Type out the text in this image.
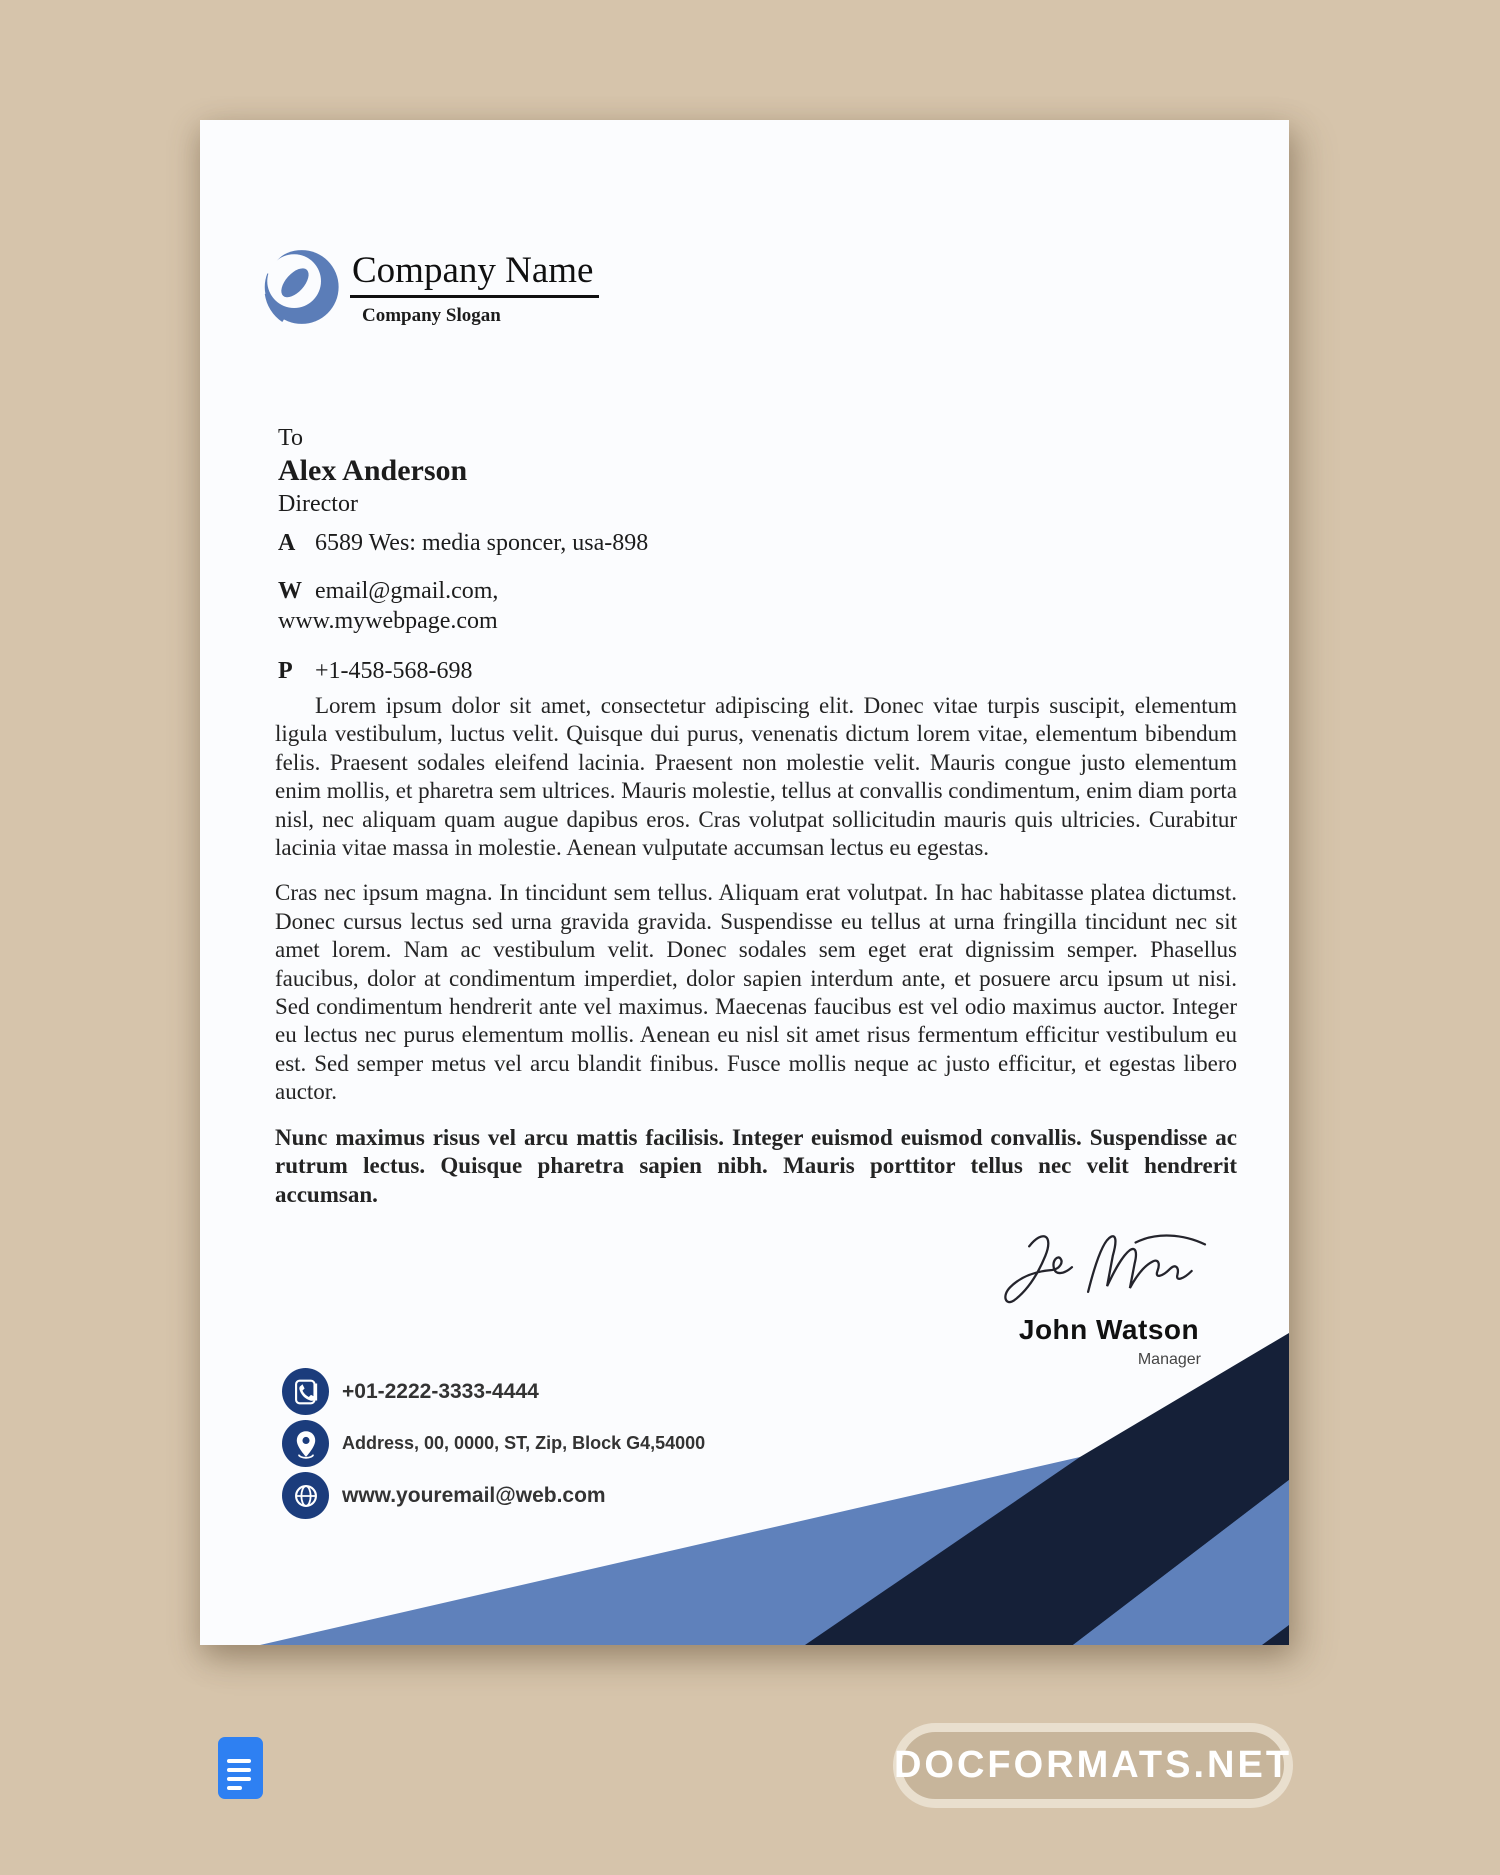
Company Name
Company Slogan
To
Alex Anderson
Director
A 6589 Wes: media sponcer, usa-898
W email@gmail.com,
www.mywebpage.com
P +1-458-568-698

Lorem ipsum dolor sit amet, consectetur adipiscing elit. Donec vitae turpis suscipit, elementum ligula vestibulum, luctus velit. Quisque dui purus, venenatis dictum lorem vitae, elementum bibendum felis. Praesent sodales eleifend lacinia. Praesent non molestie velit. Mauris congue justo elementum enim mollis, et pharetra sem ultrices. Mauris molestie, tellus at convallis condimentum, enim diam porta nisl, nec aliquam quam augue dapibus eros. Cras volutpat sollicitudin mauris quis ultricies. Curabitur lacinia vitae massa in molestie. Aenean vulputate accumsan lectus eu egestas.

Cras nec ipsum magna. In tincidunt sem tellus. Aliquam erat volutpat. In hac habitasse platea dictumst. Donec cursus lectus sed urna gravida gravida. Suspendisse eu tellus at urna fringilla tincidunt nec sit amet lorem. Nam ac vestibulum velit. Donec sodales sem eget erat dignissim semper. Phasellus faucibus, dolor at condimentum imperdiet, dolor sapien interdum ante, et posuere arcu ipsum ut nisi. Sed condimentum hendrerit ante vel maximus. Maecenas faucibus est vel odio maximus auctor. Integer eu lectus nec purus elementum mollis. Aenean eu nisl sit amet risus fermentum efficitur vestibulum eu est. Sed semper metus vel arcu blandit finibus. Fusce mollis neque ac justo efficitur, et egestas libero auctor.

Nunc maximus risus vel arcu mattis facilisis. Integer euismod euismod convallis. Suspendisse ac rutrum lectus. Quisque pharetra sapien nibh. Mauris porttitor tellus nec velit hendrerit accumsan.

John Watson
Manager
+01-2222-3333-4444
Address, 00, 0000, ST, Zip, Block G4,54000
www.youremail@web.com
DOCFORMATS.NET
